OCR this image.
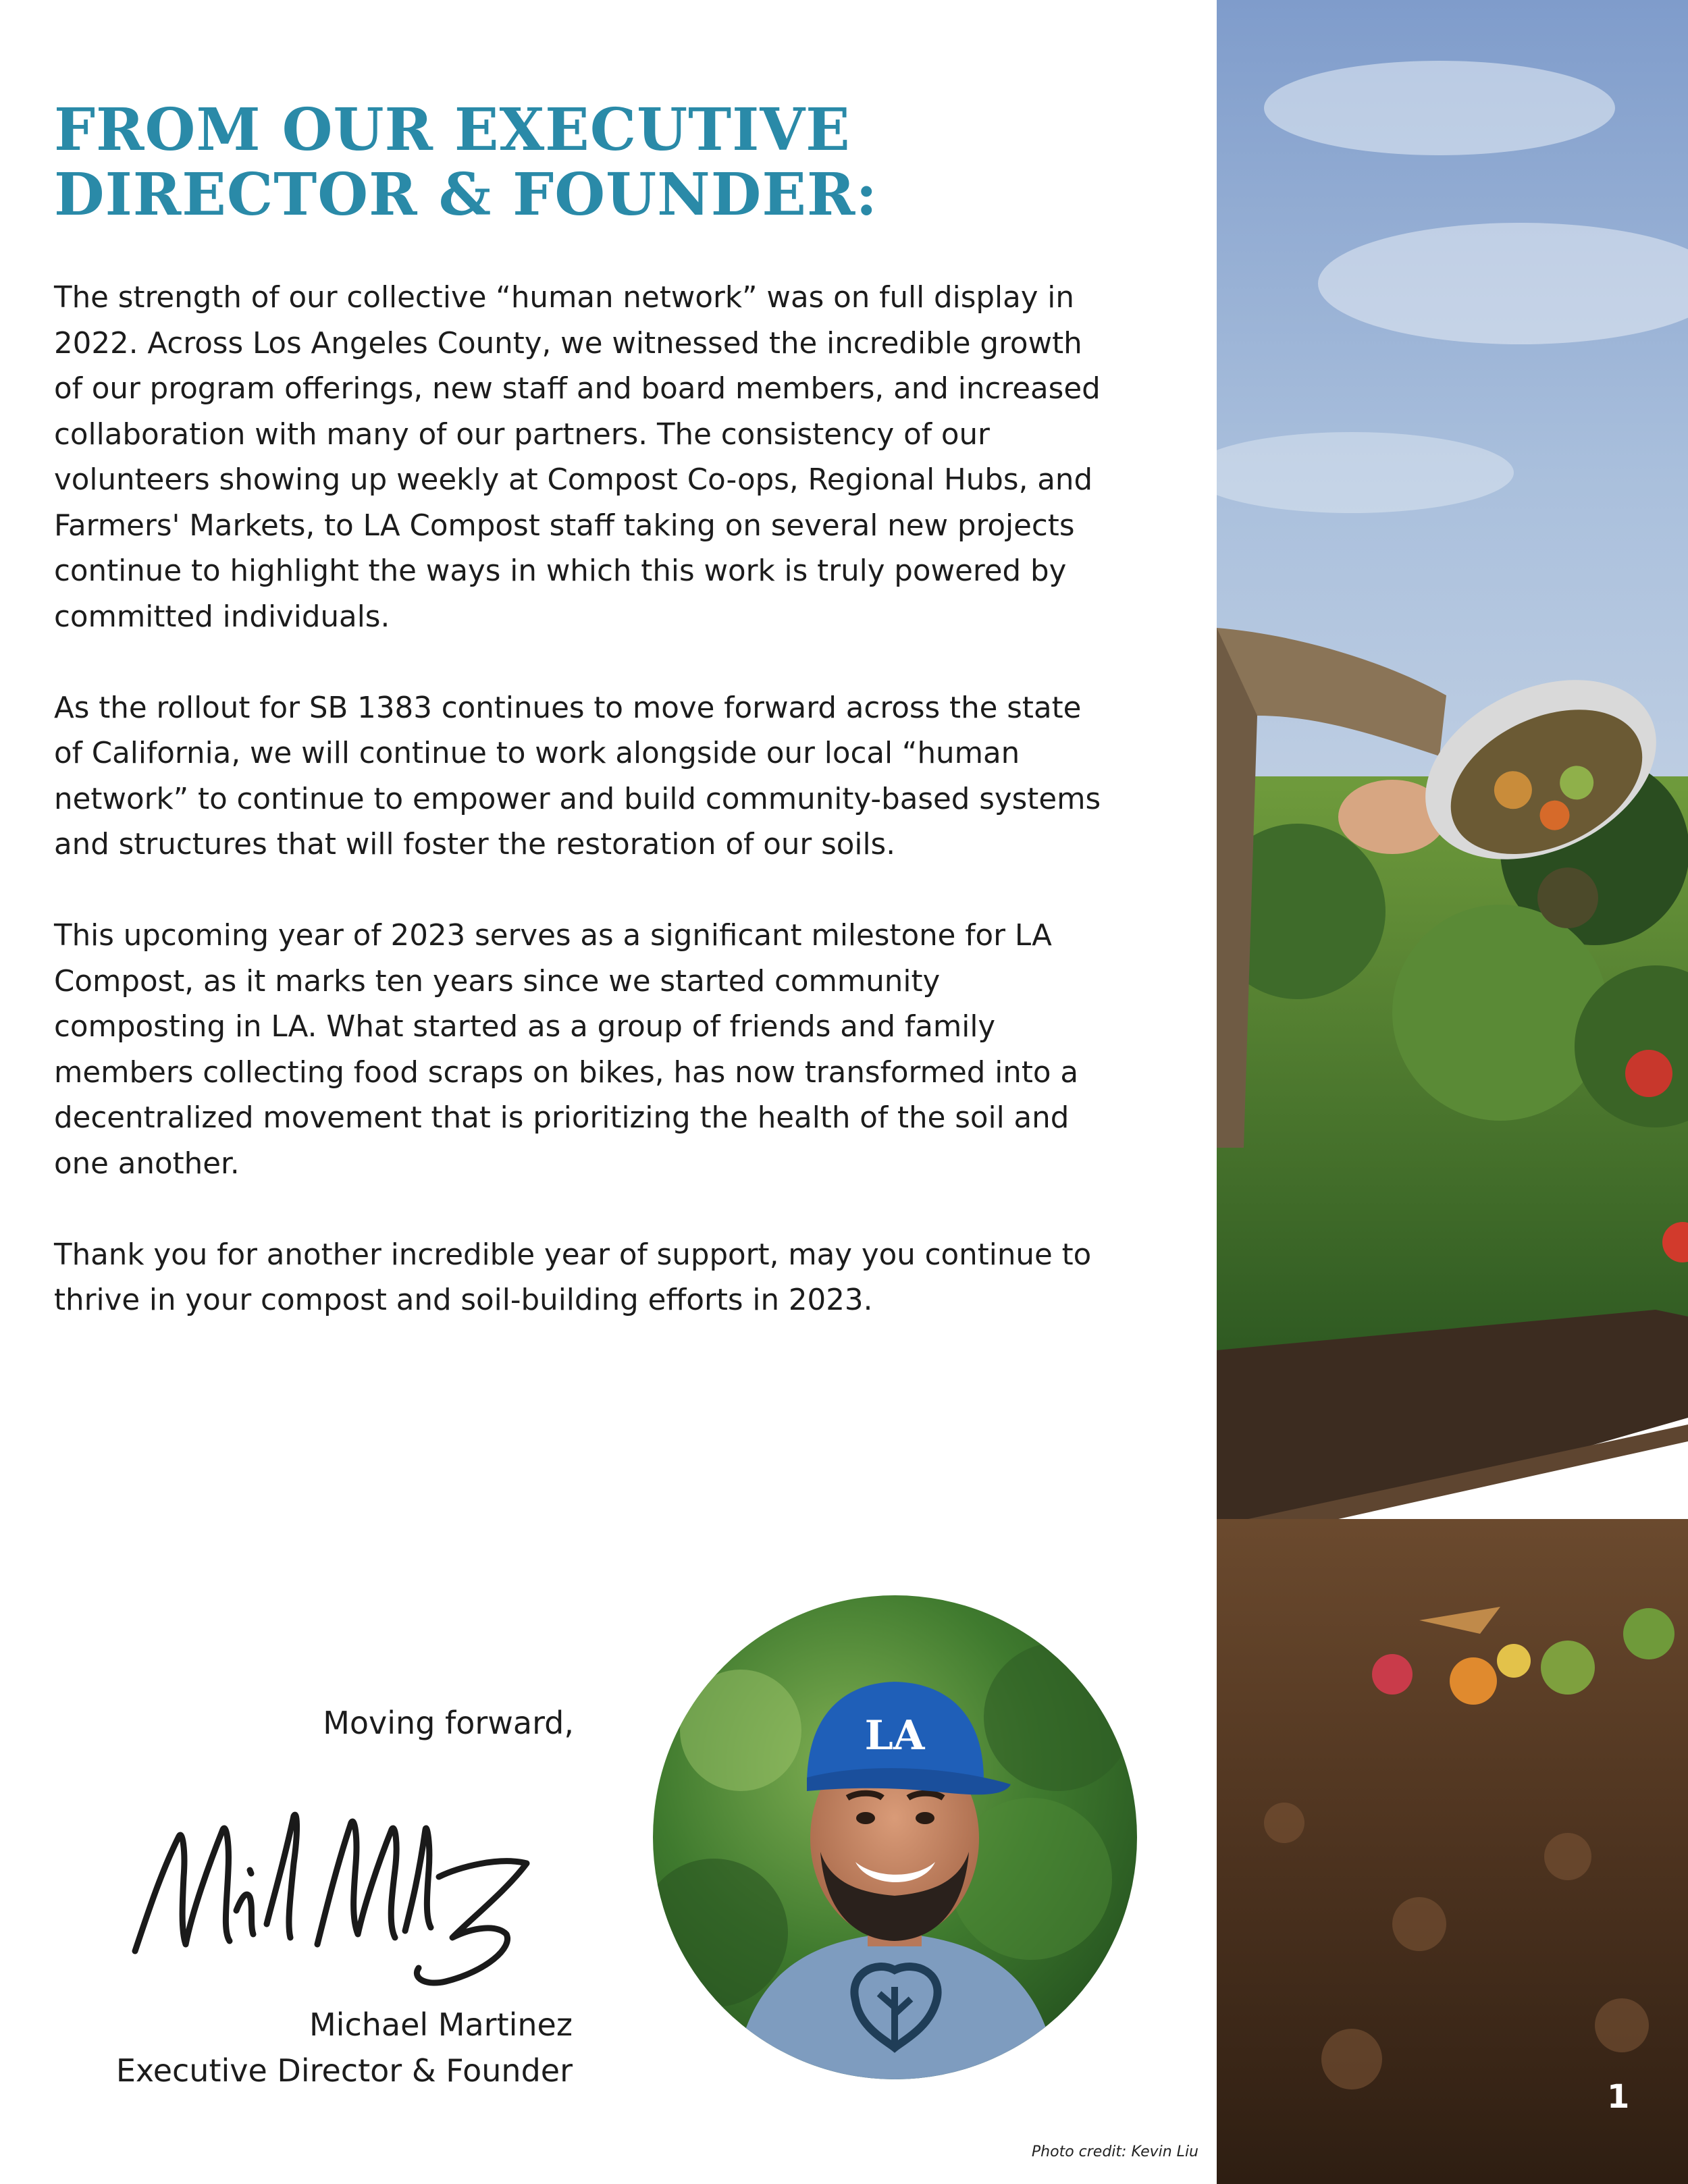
FROM OUR EXECUTIVE
DIRECTOR & FOUNDER:

The strength of our collective “human network” was on full display in 2022. Across Los Angeles County, we witnessed the incredible growth of our program offerings, new staff and board members, and increased collaboration with many of our partners. The consistency of our volunteers showing up weekly at Compost Co-ops, Regional Hubs, and Farmers' Markets, to LA Compost staff taking on several new projects continue to highlight the ways in which this work is truly powered by committed individuals.

As the rollout for SB 1383 continues to move forward across the state of California, we will continue to work alongside our local “human network” to continue to empower and build community-based systems and structures that will foster the restoration of our soils.

This upcoming year of 2023 serves as a significant milestone for LA Compost, as it marks ten years since we started community composting in LA. What started as a group of friends and family members collecting food scraps on bikes, has now transformed into a decentralized movement that is prioritizing the health of the soil and one another.

Thank you for another incredible year of support, may you continue to thrive in your compost and soil-building efforts in 2023.

Moving forward,
Michael Martinez
Executive Director & Founder
LA
1
Photo credit: Kevin Liu
